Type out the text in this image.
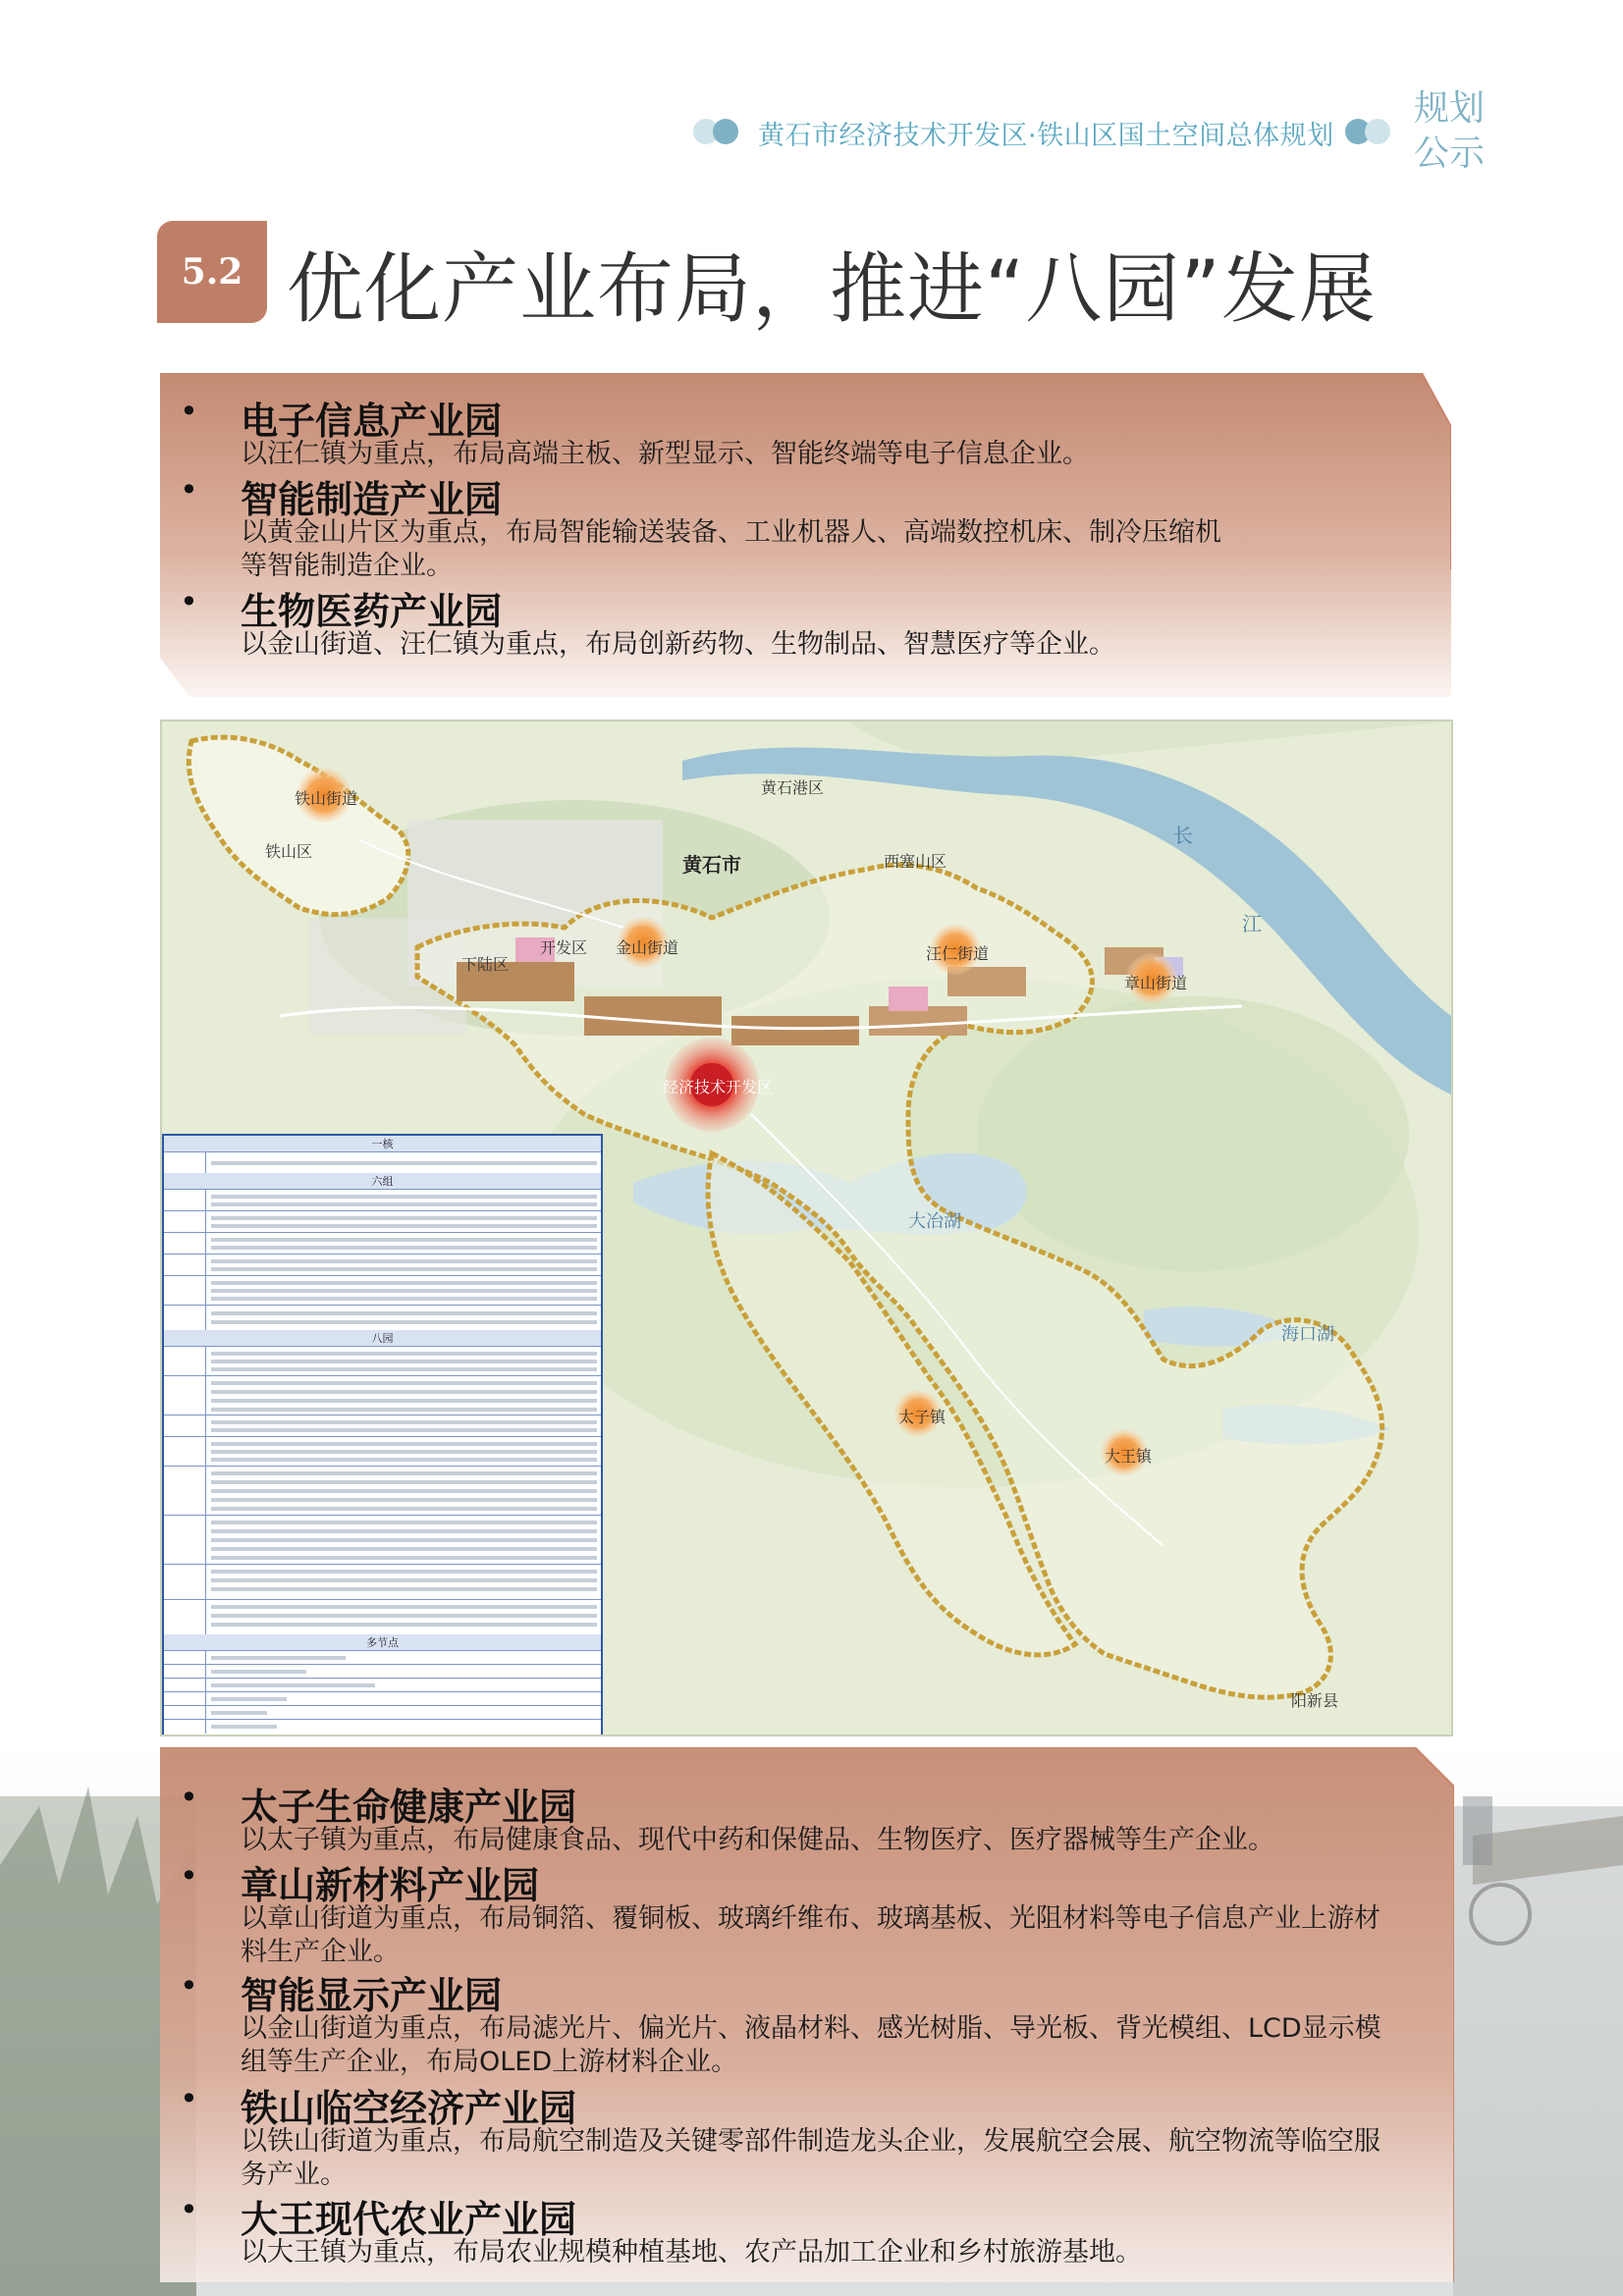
黄石市经济技术开发区·铁山区国土空间总体规划
规划
公示
5.2 优化产业布局，推进“八园”发展
• 电子信息产业园
以汪仁镇为重点，布局高端主板、新型显示、智能终端等电子信息企业。
• 智能制造产业园
以黄金山片区为重点，布局智能输送装备、工业机器人、高端数控机床、制冷压缩机
等智能制造企业。
• 生物医药产业园
以金山街道、汪仁镇为重点，布局创新药物、生物制品、智慧医疗等企业。
黄石市
黄石港区
西塞山区
下陆区
铁山区
铁山街道
开发区 金山街道	汪仁街道
章山街道
经济技术开发区
太子镇
大王镇
大冶湖
海口湖
阳新县
长
江
一核
六组
八园
多节点
• 太子生命健康产业园
以太子镇为重点，布局健康食品、现代中药和保健品、生物医疗、医疗器械等生产企业。
• 章山新材料产业园
以章山街道为重点，布局铜箔、覆铜板、玻璃纤维布、玻璃基板、光阻材料等电子信息产业上游材
料生产企业。
• 智能显示产业园
以金山街道为重点，布局滤光片、偏光片、液晶材料、感光树脂、导光板、背光模组、LCD显示模
组等生产企业，布局OLED上游材料企业。
• 铁山临空经济产业园
以铁山街道为重点，布局航空制造及关键零部件制造龙头企业，发展航空会展、航空物流等临空服
务产业。
• 大王现代农业产业园
以大王镇为重点，布局农业规模种植基地、农产品加工企业和乡村旅游基地。
